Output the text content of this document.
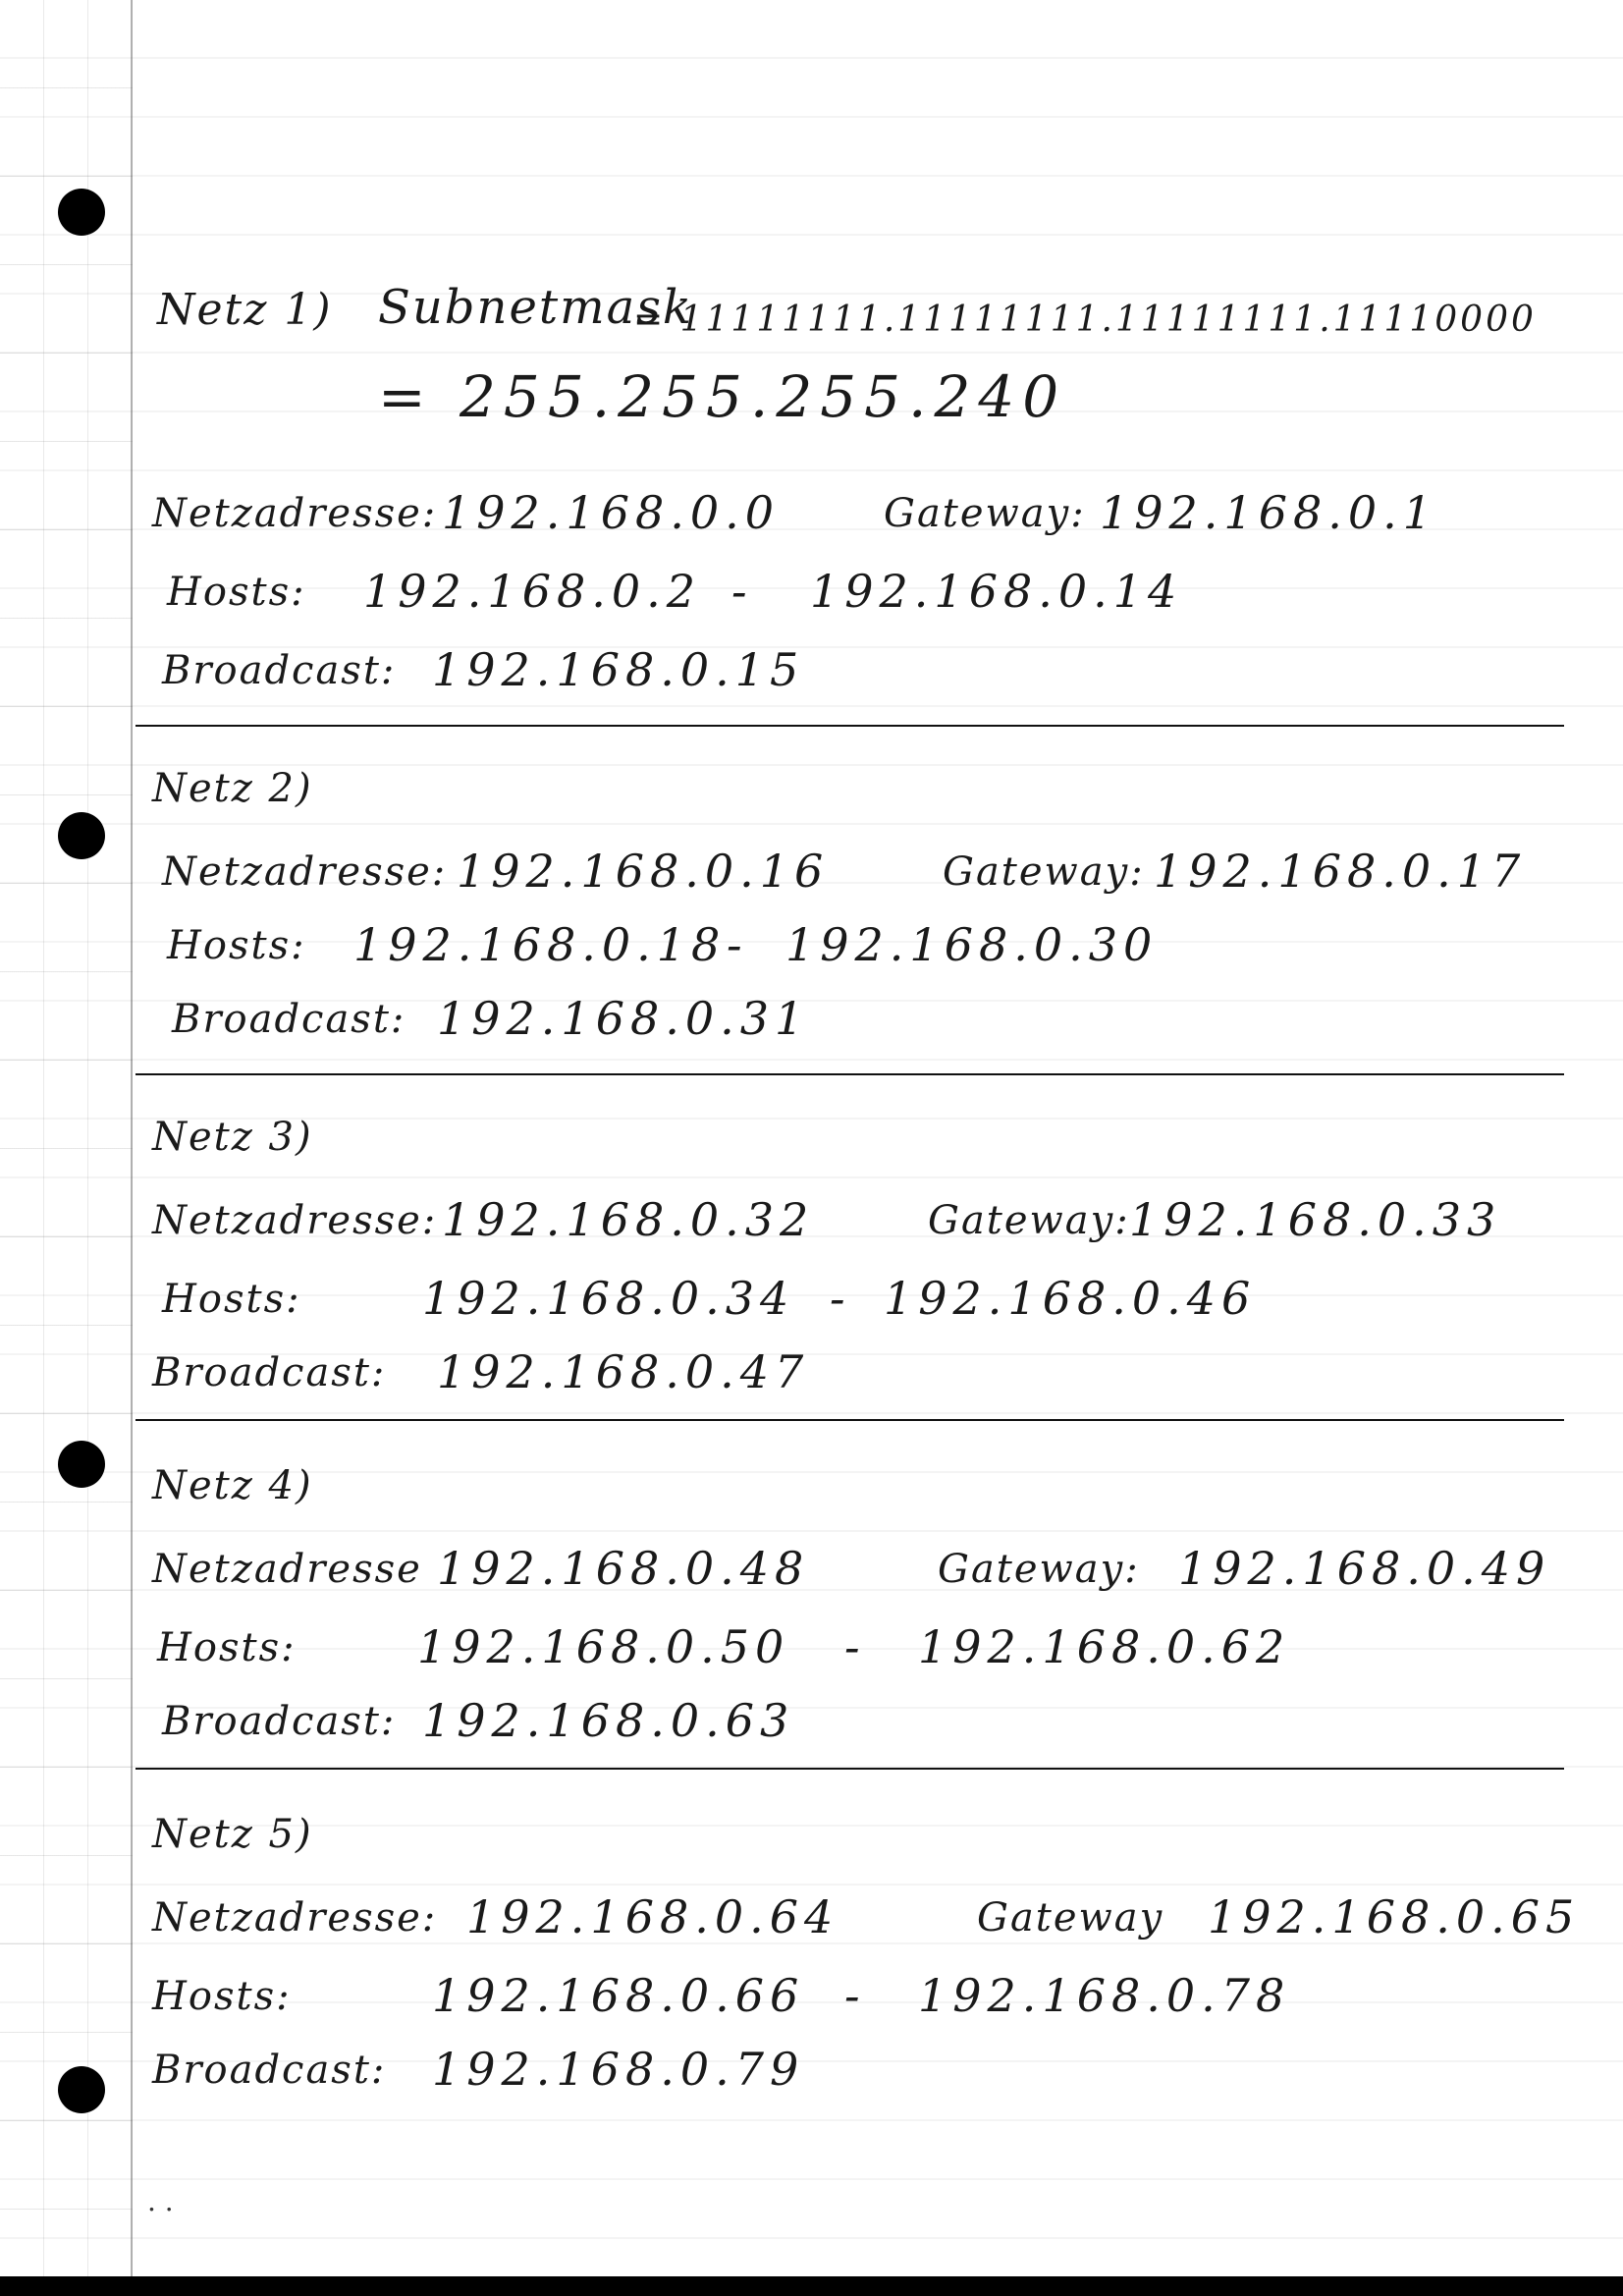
Netz 1) Subnetmask
= 11111111.11111111.11111111.11110000
= 255.255.255.240
Netzadresse: 192.168.0.0	Gateway: 192.168.0.1
Hosts: 192.168.0.2 - 192.168.0.14
Broadcast: 192.168.0.15
Netz 2)
Netzadresse: 192.168.0.16	Gateway: 192.168.0.17
Hosts: 192.168.0.18 - 192.168.0.30
Broadcast: 192.168.0.31
Netz 3)
Netzadresse: 192.168.0.32	Gateway: 192.168.0.33
Hosts:	192.168.0.34 - 192.168.0.46
Broadcast: 192.168.0.47
Netz 4)
Netzadresse 192.168.0.48	Gateway: 192.168.0.49
Hosts:	192.168.0.50 - 192.168.0.62
Broadcast: 192.168.0.63
Netz 5)
Netzadresse: 192.168.0.64	Gateway 192.168.0.65
Hosts:	192.168.0.66 - 192.168.0.78
Broadcast: 192.168.0.79
. .
